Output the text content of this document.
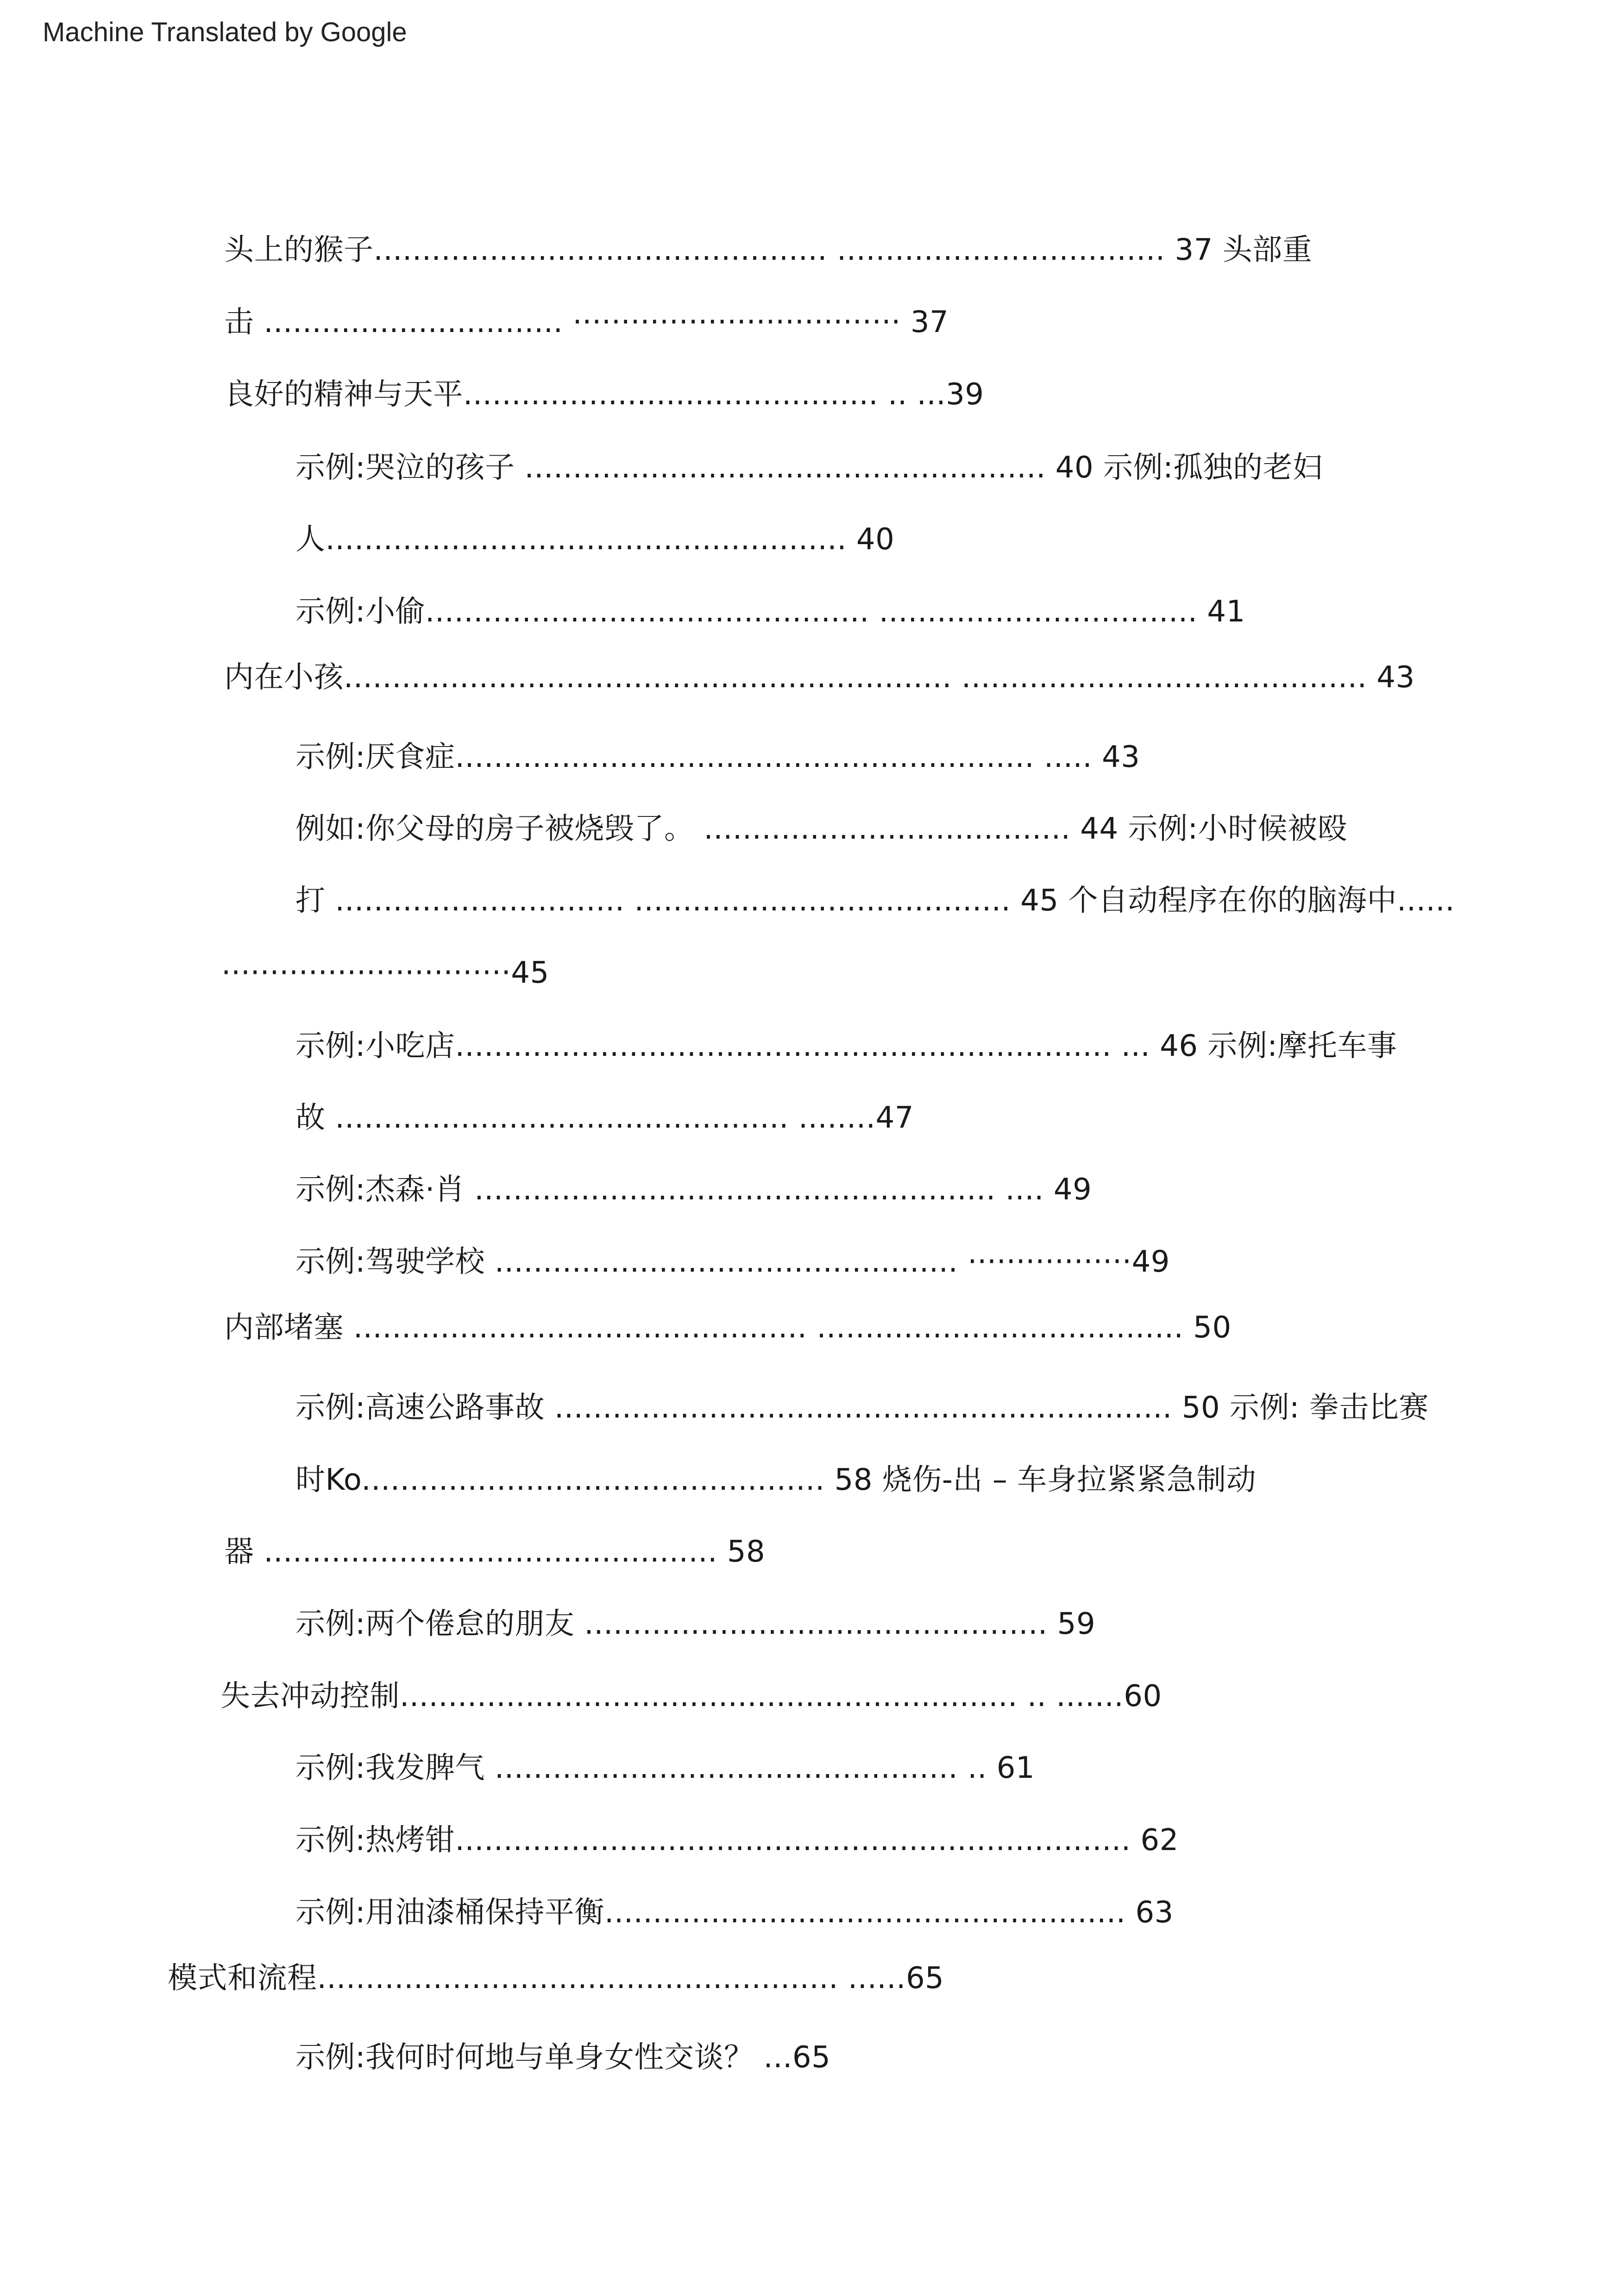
Machine Translated by Google
头上的猴子............................................... .................................. 37 头部重
击 ............................... ·································· 37
良好的精神与天平........................................... .. ...39
示例:哭泣的孩子 ...................................................... 40 示例:孤独的老妇
人...................................................... 40
示例:小偷.............................................. ................................. 41
内在小孩............................................................... .......................................... 43
示例:厌食症............................................................ ..... 43
例如:你父母的房子被烧毁了。 ...................................... 44 示例:小时候被殴
打 .............................. ....................................... 45 个自动程序在你的脑海中......
······························45
示例:小吃店.................................................................... ... 46 示例:摩托车事
故 ............................................... ........47
示例:杰森·肖 ...................................................... .... 49
示例:驾驶学校 ................................................ ·················49
内部堵塞 ............................................... ...................................... 50
示例:高速公路事故 ................................................................ 50 示例: 拳击比赛
时Ko................................................ 58 烧伤-出 – 车身拉紧紧急制动
器 ............................................... 58
示例:两个倦怠的朋友 ................................................ 59
失去冲动控制................................................................ .. .......60
示例:我发脾气 ................................................ .. 61
示例:热烤钳...................................................................... 62
示例:用油漆桶保持平衡...................................................... 63
模式和流程...................................................... ......65
示例:我何时何地与单身女性交谈？ ...65
